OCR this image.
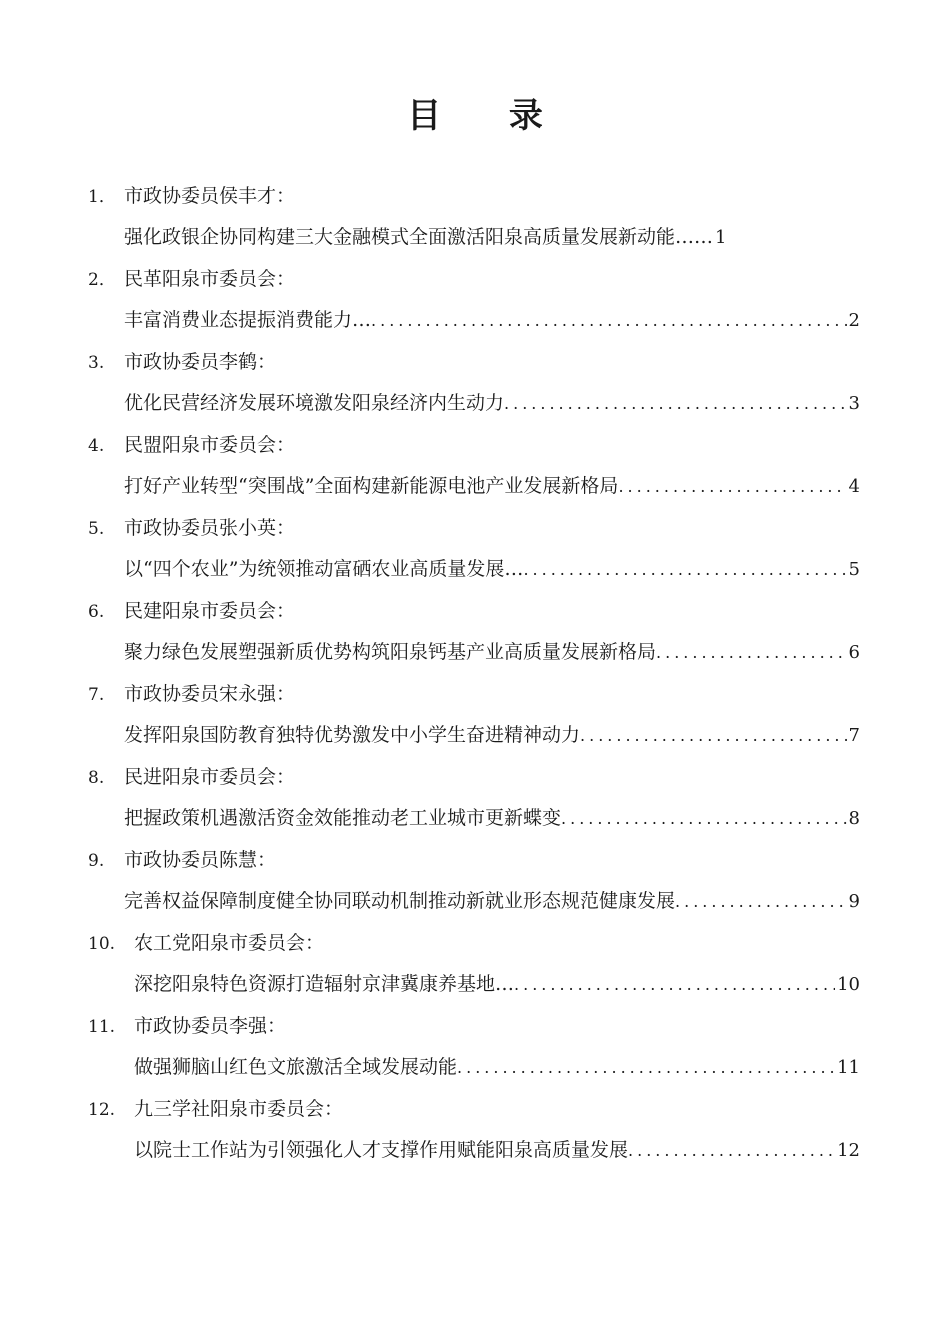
目 录
1． 市政协委员侯丰才：
强化政银企协同构建三大金融模式全面激活阳泉高质量发展新动能…… 1
2． 民革阳泉市委员会：
丰富消费业态提振消费能力… .....	2
3. 市政协委员李鹤：
优化民营经济发展环境激发阳泉经济内生动力 .....	3
4. 民盟阳泉市委员会：
打好产业转型“突围战”全面构建新能源电池产业发展新格局 .....	4
5. 市政协委员张小英：
以“四个农业”为统领推动富硒农业高质量发展… .....	5
6. 民建阳泉市委员会：
聚力绿色发展塑强新质优势构筑阳泉钙基产业高质量发展新格局 .....	6
7. 市政协委员宋永强：
发挥阳泉国防教育独特优势激发中小学生奋进精神动力 .....	7
8. 民进阳泉市委员会：
把握政策机遇激活资金效能推动老工业城市更新蝶变 .....	8
9. 市政协委员陈慧：
完善权益保障制度健全协同联动机制推动新就业形态规范健康发展 .....	9
10. 农工党阳泉市委员会：
深挖阳泉特色资源打造辐射京津冀康养基地… .....	10
11. 市政协委员李强：
做强狮脑山红色文旅激活全域发展动能 .....	11
12. 九三学社阳泉市委员会：
以院士工作站为引领强化人才支撑作用赋能阳泉高质量发展 .....	12
